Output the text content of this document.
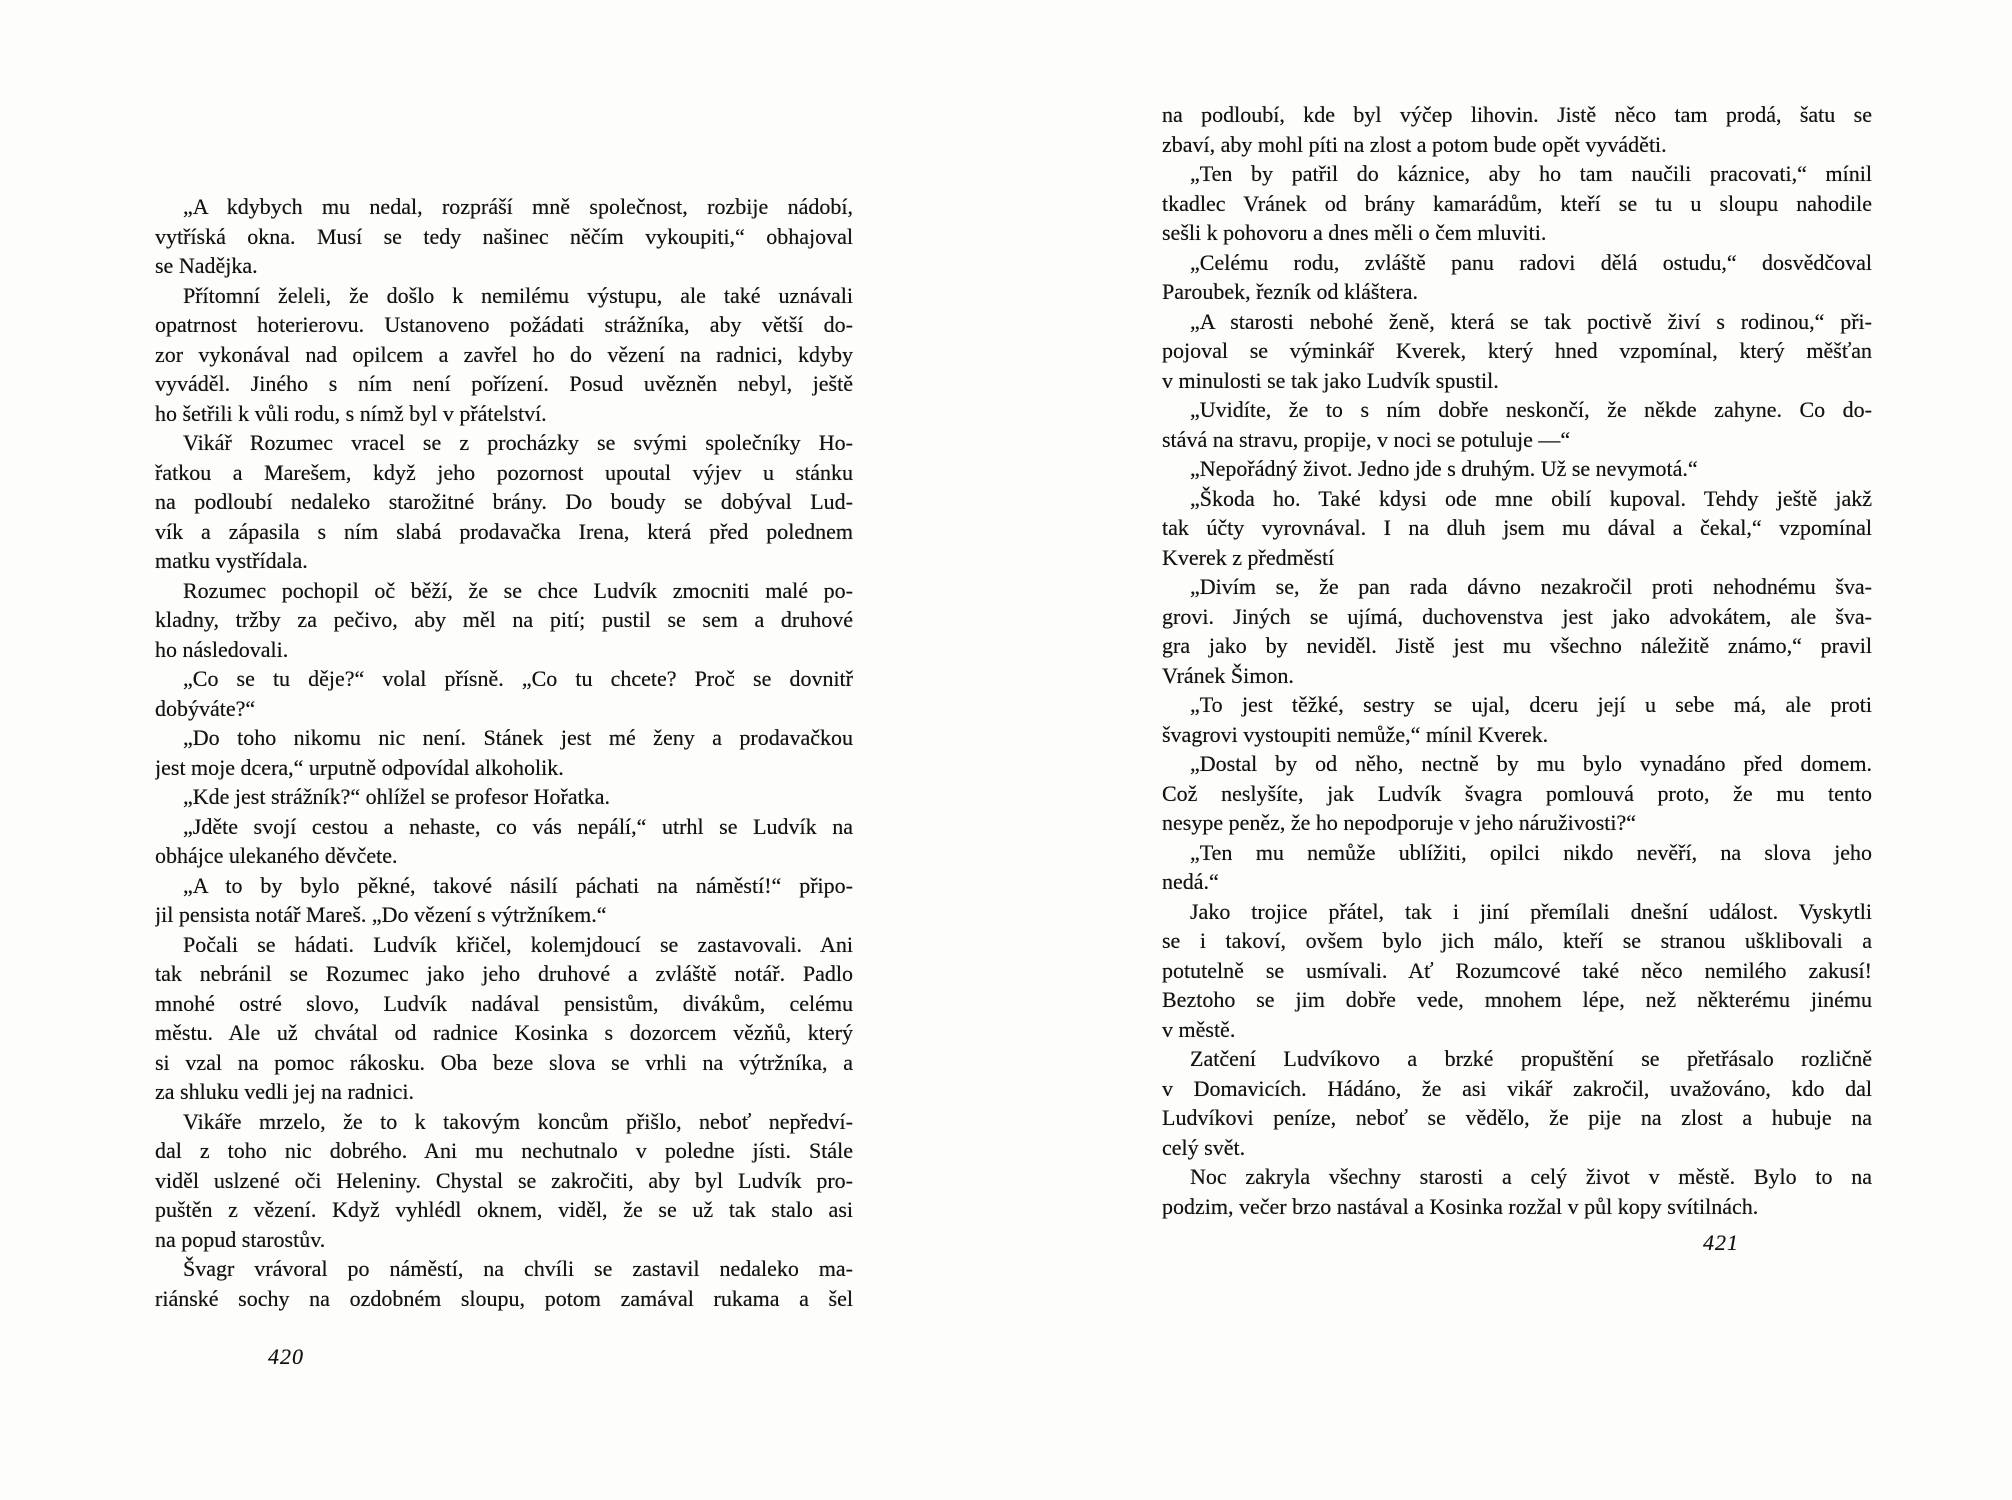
„A kdybych mu nedal, rozpráší mně společnost, rozbije nádobí,
vytříská okna. Musí se tedy našinec něčím vykoupiti,“ obhajoval
se Nadějka.
Přítomní želeli, že došlo k nemilému výstupu, ale také uznávali
opatrnost hoterierovu. Ustanoveno požádati strážníka, aby větší do-
zor vykonával nad opilcem a zavřel ho do vězení na radnici, kdyby
vyváděl. Jiného s ním není pořízení. Posud uvězněn nebyl, ještě
ho šetřili k vůli rodu, s nímž byl v přátelství.
Vikář Rozumec vracel se z procházky se svými společníky Ho-
řatkou a Marešem, když jeho pozornost upoutal výjev u stánku
na podloubí nedaleko starožitné brány. Do boudy se dobýval Lud-
vík a zápasila s ním slabá prodavačka Irena, která před polednem
matku vystřídala.
Rozumec pochopil oč běží, že se chce Ludvík zmocniti malé po-
kladny, tržby za pečivo, aby měl na pití; pustil se sem a druhové
ho následovali.
„Co se tu děje?“ volal přísně. „Co tu chcete? Proč se dovnitř
dobýváte?“
„Do toho nikomu nic není. Stánek jest mé ženy a prodavačkou
jest moje dcera,“ urputně odpovídal alkoholik.
„Kde jest strážník?“ ohlížel se profesor Hořatka.
„Jděte svojí cestou a nehaste, co vás nepálí,“ utrhl se Ludvík na
obhájce ulekaného děvčete.
„A to by bylo pěkné, takové násilí páchati na náměstí!“ připo-
jil pensista notář Mareš. „Do vězení s výtržníkem.“
Počali se hádati. Ludvík křičel, kolemjdoucí se zastavovali. Ani
tak nebránil se Rozumec jako jeho druhové a zvláště notář. Padlo
mnohé ostré slovo, Ludvík nadával pensistům, divákům, celému
městu. Ale už chvátal od radnice Kosinka s dozorcem vězňů, který
si vzal na pomoc rákosku. Oba beze slova se vrhli na výtržníka, a
za shluku vedli jej na radnici.
Vikáře mrzelo, že to k takovým koncům přišlo, neboť nepředví-
dal z toho nic dobrého. Ani mu nechutnalo v poledne jísti. Stále
viděl uslzené oči Heleniny. Chystal se zakročiti, aby byl Ludvík pro-
puštěn z vězení. Když vyhlédl oknem, viděl, že se už tak stalo asi
na popud starostův.
Švagr vrávoral po náměstí, na chvíli se zastavil nedaleko ma-
riánské sochy na ozdobném sloupu, potom zamával rukama a šel
420
na podloubí, kde byl výčep lihovin. Jistě něco tam prodá, šatu se
zbaví, aby mohl píti na zlost a potom bude opět vyváděti.
„Ten by patřil do káznice, aby ho tam naučili pracovati,“ mínil
tkadlec Vránek od brány kamarádům, kteří se tu u sloupu nahodile
sešli k pohovoru a dnes měli o čem mluviti.
„Celému rodu, zvláště panu radovi dělá ostudu,“ dosvědčoval
Paroubek, řezník od kláštera.
„A starosti nebohé ženě, která se tak poctivě živí s rodinou,“ při-
pojoval se výminkář Kverek, který hned vzpomínal, který měšťan
v minulosti se tak jako Ludvík spustil.
„Uvidíte, že to s ním dobře neskončí, že někde zahyne. Co do-
stává na stravu, propije, v noci se potuluje —“
„Nepořádný život. Jedno jde s druhým. Už se nevymotá.“
„Škoda ho. Také kdysi ode mne obilí kupoval. Tehdy ještě jakž
tak účty vyrovnával. I na dluh jsem mu dával a čekal,“ vzpomínal
Kverek z předměstí
„Divím se, že pan rada dávno nezakročil proti nehodnému šva-
grovi. Jiných se ujímá, duchovenstva jest jako advokátem, ale šva-
gra jako by neviděl. Jistě jest mu všechno náležitě známo,“ pravil
Vránek Šimon.
„To jest těžké, sestry se ujal, dceru její u sebe má, ale proti
švagrovi vystoupiti nemůže,“ mínil Kverek.
„Dostal by od něho, nectně by mu bylo vynadáno před domem.
Což neslyšíte, jak Ludvík švagra pomlouvá proto, že mu tento
nesype peněz, že ho nepodporuje v jeho náruživosti?“
„Ten mu nemůže ublížiti, opilci nikdo nevěří, na slova jeho
nedá.“
Jako trojice přátel, tak i jiní přemílali dnešní událost. Vyskytli
se i takoví, ovšem bylo jich málo, kteří se stranou ušklibovali a
potutelně se usmívali. Ať Rozumcové také něco nemilého zakusí!
Beztoho se jim dobře vede, mnohem lépe, než některému jinému
v městě.
Zatčení Ludvíkovo a brzké propuštění se přetřásalo rozličně
v Domavicích. Hádáno, že asi vikář zakročil, uvažováno, kdo dal
Ludvíkovi peníze, neboť se vědělo, že pije na zlost a hubuje na
celý svět.
Noc zakryla všechny starosti a celý život v městě. Bylo to na
podzim, večer brzo nastával a Kosinka rozžal v půl kopy svítilnách.
421
